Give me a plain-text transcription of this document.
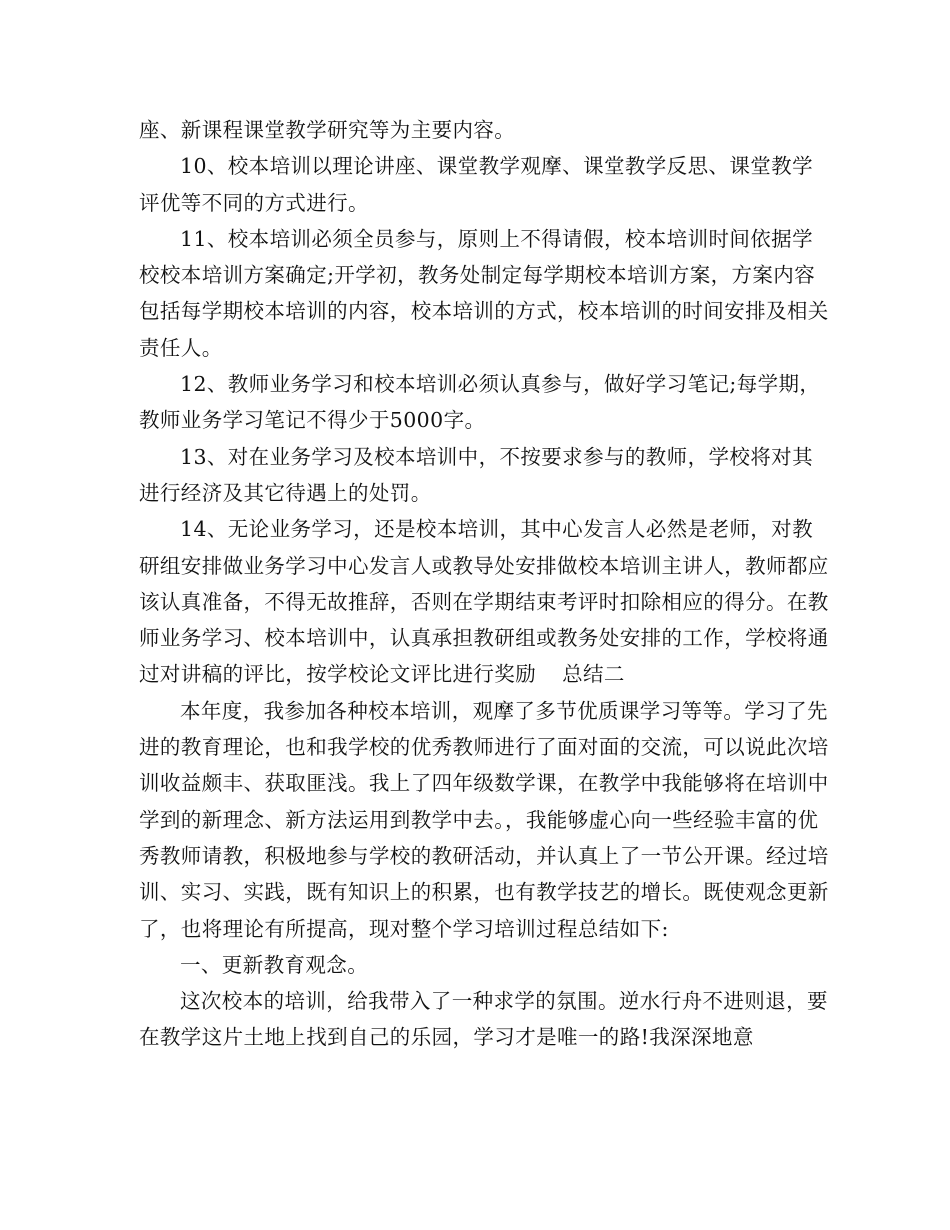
座、新课程课堂教学研究等为主要内容。

10、校本培训以理论讲座、课堂教学观摩、课堂教学反思、课堂教学评优等不同的方式进行。

11、校本培训必须全员参与，原则上不得请假，校本培训时间依据学校校本培训方案确定;开学初，教务处制定每学期校本培训方案，方案内容包括每学期校本培训的内容，校本培训的方式，校本培训的时间安排及相关责任人。

12、教师业务学习和校本培训必须认真参与，做好学习笔记;每学期，教师业务学习笔记不得少于5000字。

13、对在业务学习及校本培训中，不按要求参与的教师，学校将对其进行经济及其它待遇上的处罚。

14、无论业务学习，还是校本培训，其中心发言人必然是老师，对教研组安排做业务学习中心发言人或教导处安排做校本培训主讲人，教师都应该认真准备，不得无故推辞，否则在学期结束考评时扣除相应的得分。在教师业务学习、校本培训中，认真承担教研组或教务处安排的工作，学校将通过对讲稿的评比，按学校论文评比进行奖励 总结二

本年度，我参加各种校本培训，观摩了多节优质课学习等等。学习了先进的教育理论，也和我学校的优秀教师进行了面对面的交流，可以说此次培训收益颇丰、获取匪浅。我上了四年级数学课，在教学中我能够将在培训中学到的新理念、新方法运用到教学中去。，我能够虚心向一些经验丰富的优秀教师请教，积极地参与学校的教研活动，并认真上了一节公开课。经过培训、实习、实践，既有知识上的积累，也有教学技艺的增长。既使观念更新了，也将理论有所提高，现对整个学习培训过程总结如下:

一、更新教育观念。

这次校本的培训，给我带入了一种求学的氛围。逆水行舟不进则退，要在教学这片土地上找到自己的乐园，学习才是唯一的路!我深深地意
